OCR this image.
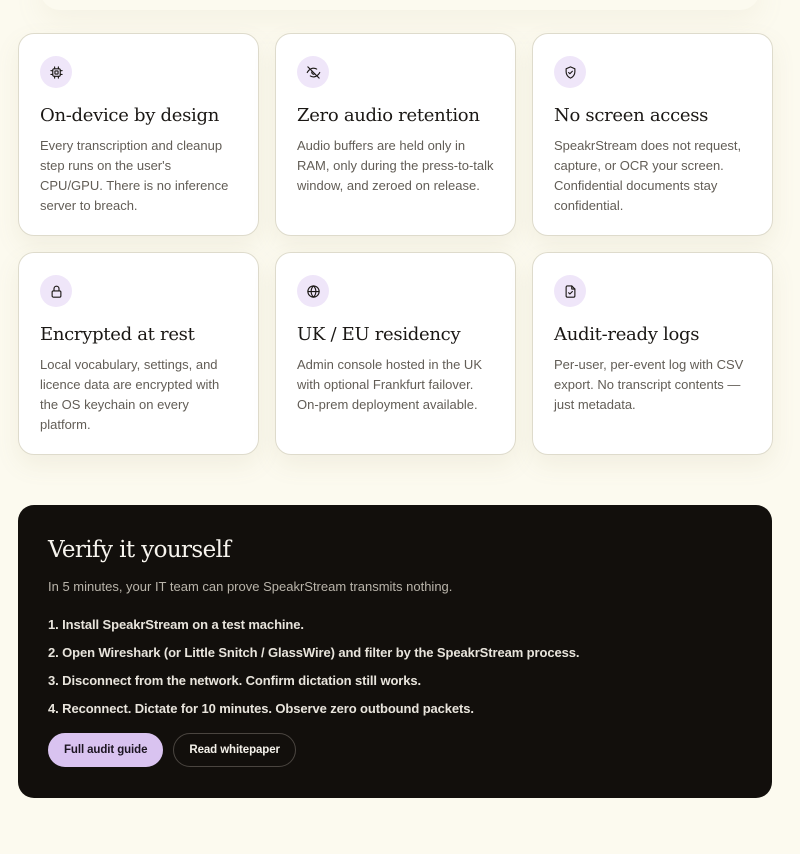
On-device by design

Every transcription and cleanup step runs on the user's CPU/GPU. There is no inference server to breach.

Zero audio retention

Audio buffers are held only in RAM, only during the press-to-talk window, and zeroed on release.

No screen access

SpeakrStream does not request, capture, or OCR your screen. Confidential documents stay confidential.

Encrypted at rest

Local vocabulary, settings, and licence data are encrypted with the OS keychain on every platform.

UK / EU residency

Admin console hosted in the UK with optional Frankfurt failover. On-prem deployment available.

Audit-ready logs

Per-user, per-event log with CSV export. No transcript contents — just metadata.

Verify it yourself

In 5 minutes, your IT team can prove SpeakrStream transmits nothing.

1. Install SpeakrStream on a test machine.
2. Open Wireshark (or Little Snitch / GlassWire) and filter by the SpeakrStream process.
3. Disconnect from the network. Confirm dictation still works.
4. Reconnect. Dictate for 10 minutes. Observe zero outbound packets.
Full audit guide	Read whitepaper
